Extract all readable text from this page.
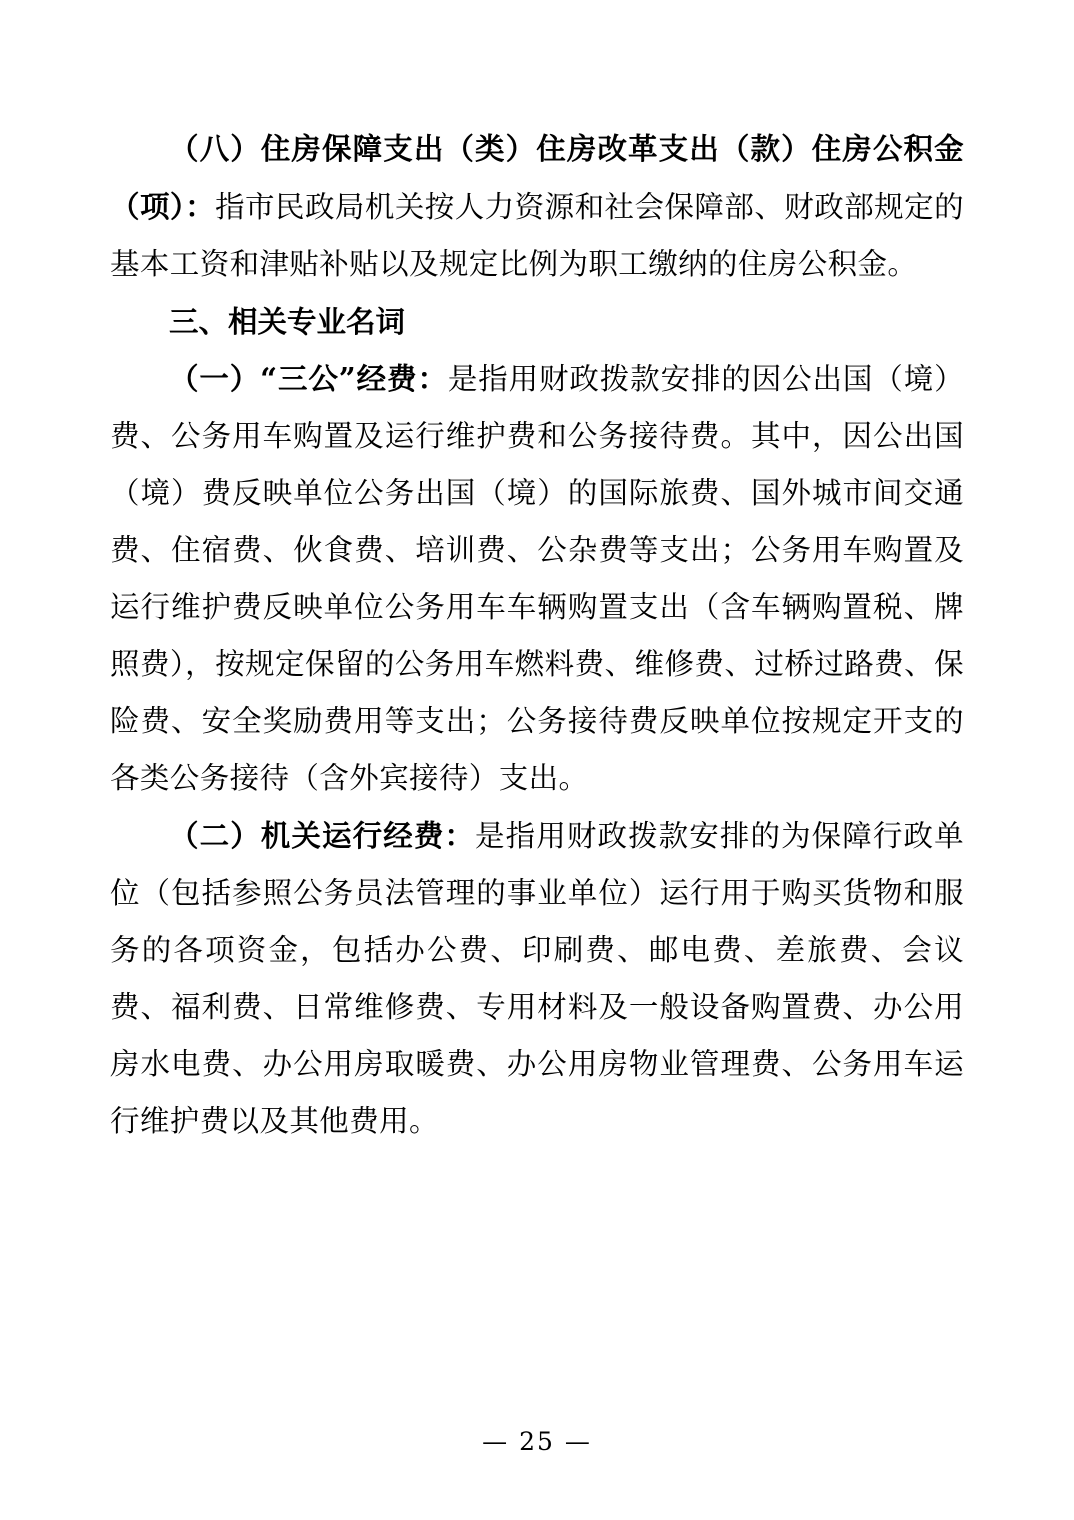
（八）住房保障支出（类）住房改革支出（款）住房公积金（项）：指市民政局机关按人力资源和社会保障部、财政部规定的基本工资和津贴补贴以及规定比例为职工缴纳的住房公积金。

三、相关专业名词

（一）“三公”经费：是指用财政拨款安排的因公出国（境）费、公务用车购置及运行维护费和公务接待费。其中，因公出国（境）费反映单位公务出国（境）的国际旅费、国外城市间交通费、住宿费、伙食费、培训费、公杂费等支出；公务用车购置及运行维护费反映单位公务用车车辆购置支出（含车辆购置税、牌照费），按规定保留的公务用车燃料费、维修费、过桥过路费、保险费、安全奖励费用等支出；公务接待费反映单位按规定开支的各类公务接待（含外宾接待）支出。

（二）机关运行经费：是指用财政拨款安排的为保障行政单位（包括参照公务员法管理的事业单位）运行用于购买货物和服务的各项资金，包括办公费、印刷费、邮电费、差旅费、会议费、福利费、日常维修费、专用材料及一般设备购置费、办公用房水电费、办公用房取暖费、办公用房物业管理费、公务用车运行维护费以及其他费用。

— 25 —
